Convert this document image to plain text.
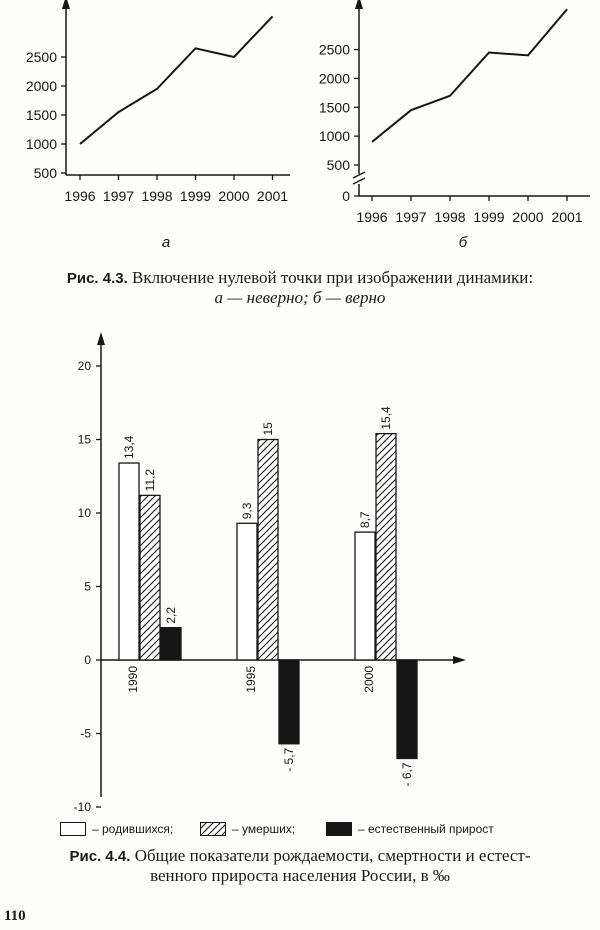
500
1000
1500
2000
2500
1996 1997 1998 1999 2000 2001
а
0
500
1000
1500
2000
2500
1996 1997 1998 1999 2000 2001
б

Рис. 4.3. Включение нулевой точки при изображении динамики:

а — неверно; б — верно

-10
-5
0
5
10
15
20
13,4
11,2
2,2
1990
9,3
15
- 5,7
1995
8,7
15,4
- 6,7
2000
– родившихся;	– умерших;	– естественный прирост

Рис. 4.4. Общие показатели рождаемости, смертности и естест-

венного прироста населения России, в ‰

110
